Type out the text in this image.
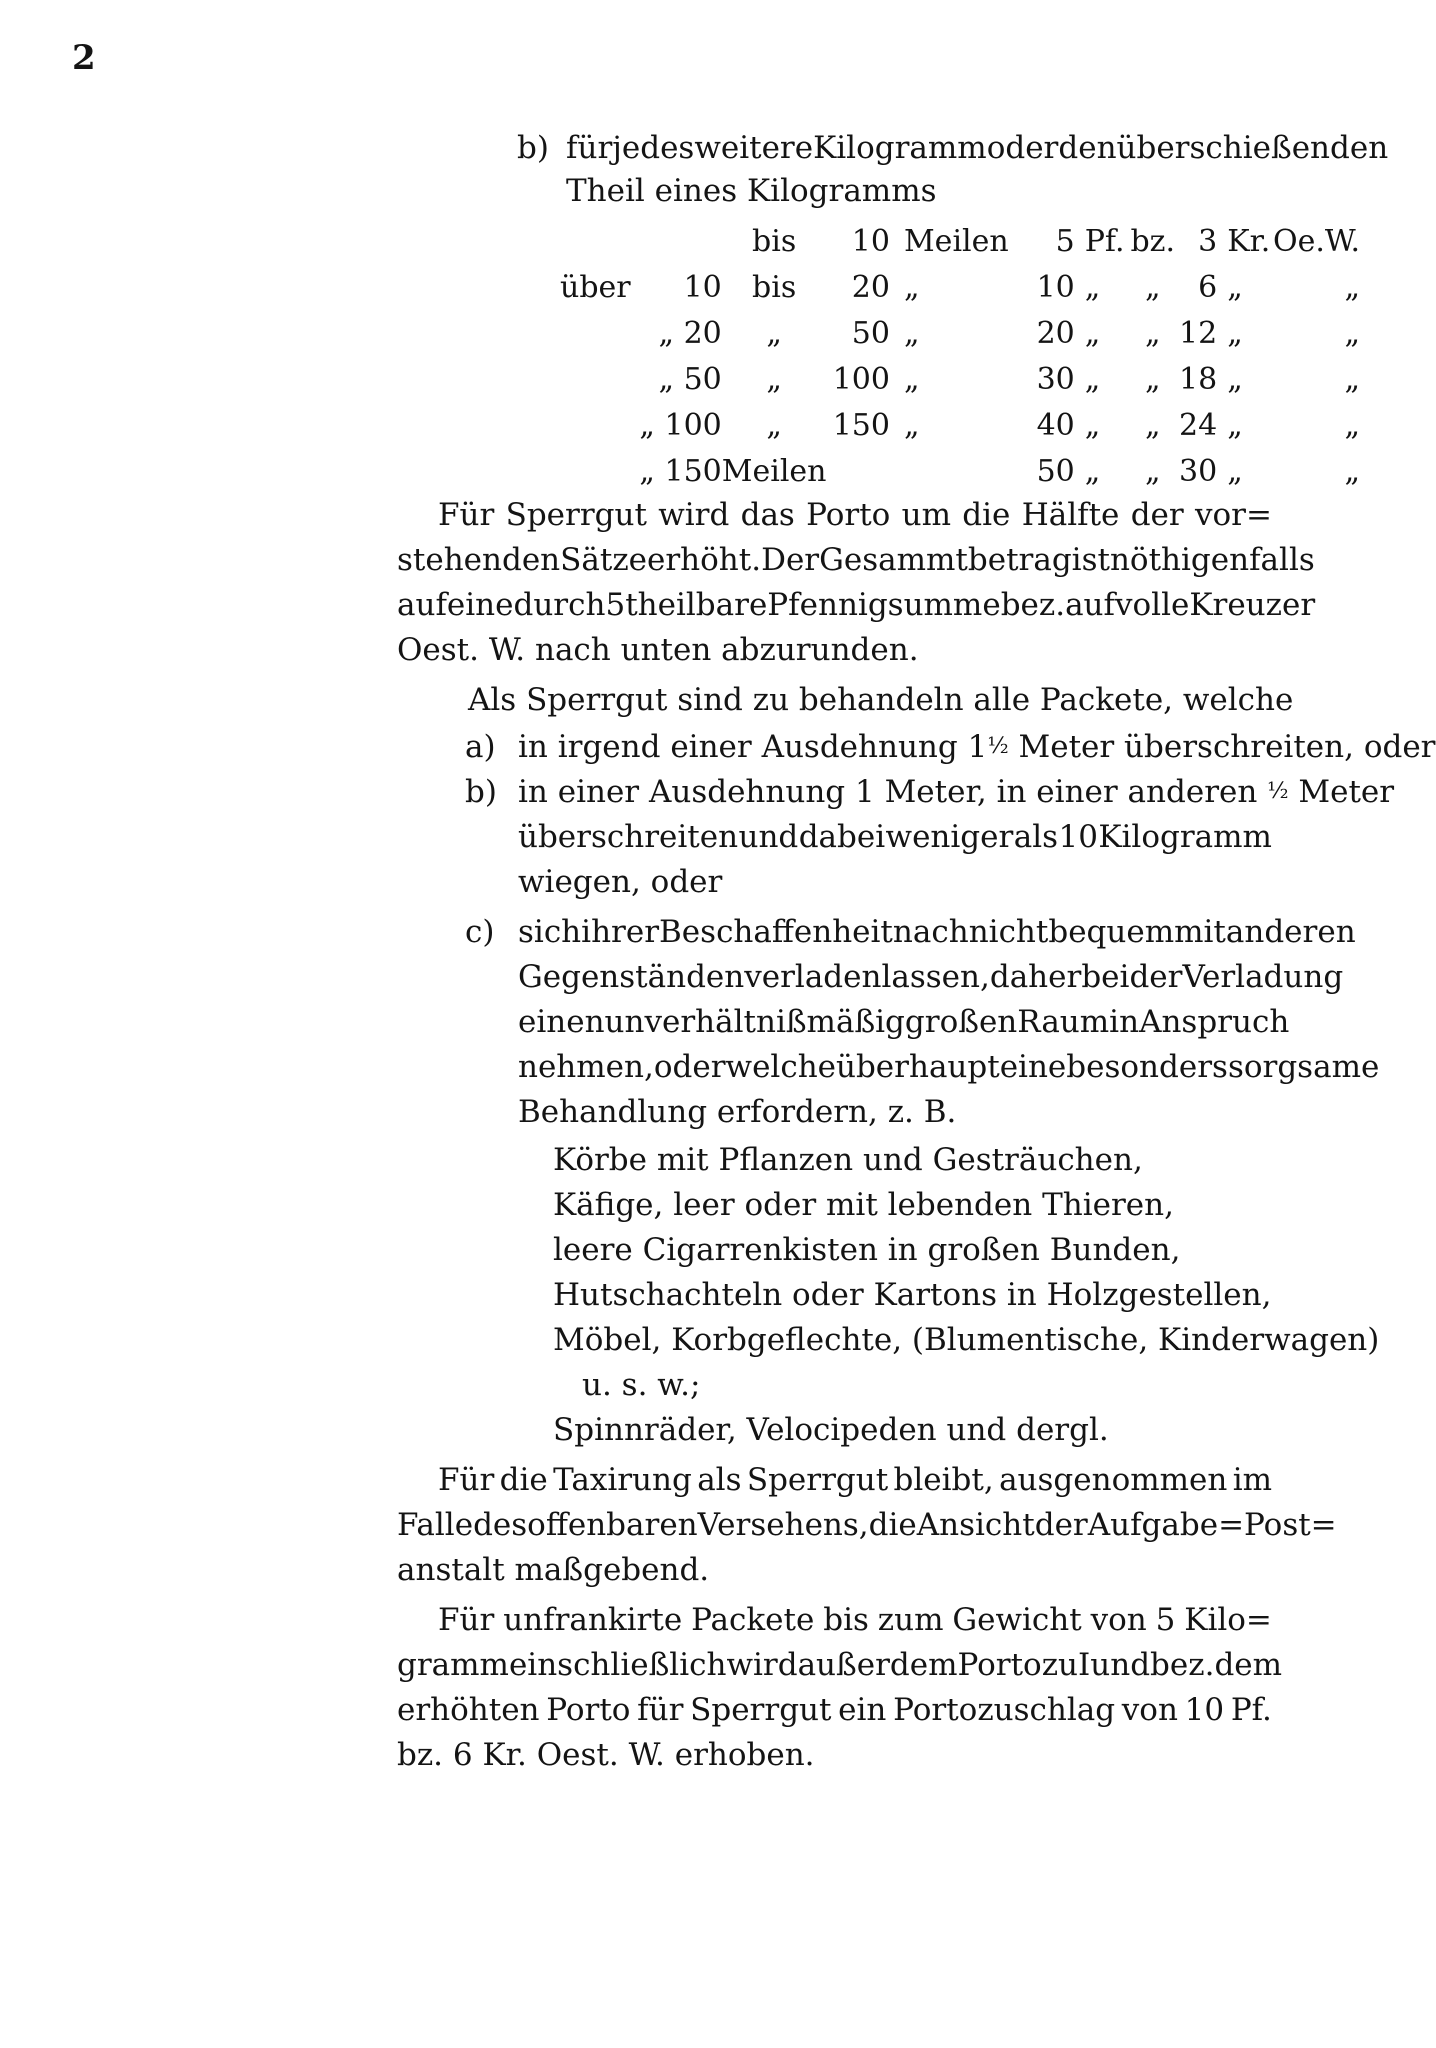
2
b) für jedes weitere Kilogramm oder den überschießenden
Theil eines Kilogramms
		bis	10	Meilen	5	Pf.	bz.	3	Kr.	Oe.W.
über	10	bis	20	„	10	„	„	6	„	„
	„ 20	„	50	„	20	„	„	12	„	„
	„ 50	„	100	„	30	„	„	18	„	„
	„ 100	„	150	„	40	„	„	24	„	„
	„ 150	Meilen			50	„	„	30	„	„
Für Sperrgut wird das Porto um die Hälfte der vor=
stehenden Sätze erhöht. Der Gesammtbetrag ist nöthigenfalls
auf eine durch 5 theilbare Pfennigsumme bez. auf volle Kreuzer
Oest. W. nach unten abzurunden.
Als Sperrgut sind zu behandeln alle Packete, welche
a) in irgend einer Ausdehnung 1½ Meter überschreiten, oder
b) in einer Ausdehnung 1 Meter, in einer anderen ½ Meter
überschreiten und dabei weniger als 10 Kilogramm
wiegen, oder
c) sich ihrer Beschaffenheit nach nicht bequem mit anderen
Gegenständen verladen lassen, daher bei der Verladung
einen unverhältnißmäßig großen Raum in Anspruch
nehmen, oder welche überhaupt eine besonders sorgsame
Behandlung erfordern, z. B.
Körbe mit Pflanzen und Gesträuchen,
Käfige, leer oder mit lebenden Thieren,
leere Cigarrenkisten in großen Bunden,
Hutschachteln oder Kartons in Holzgestellen,
Möbel, Korbgeflechte, (Blumentische, Kinderwagen)
u. s. w.;
Spinnräder, Velocipeden und dergl.
Für die Taxirung als Sperrgut bleibt, ausgenommen im
Falle des offenbaren Versehens, die Ansicht der Aufgabe=Post=
anstalt maßgebend.
Für unfrankirte Packete bis zum Gewicht von 5 Kilo=
gramm einschließlich wird außer dem Porto zu I und bez. dem
erhöhten Porto für Sperrgut ein Portozuschlag von 10 Pf.
bz. 6 Kr. Oest. W. erhoben.
